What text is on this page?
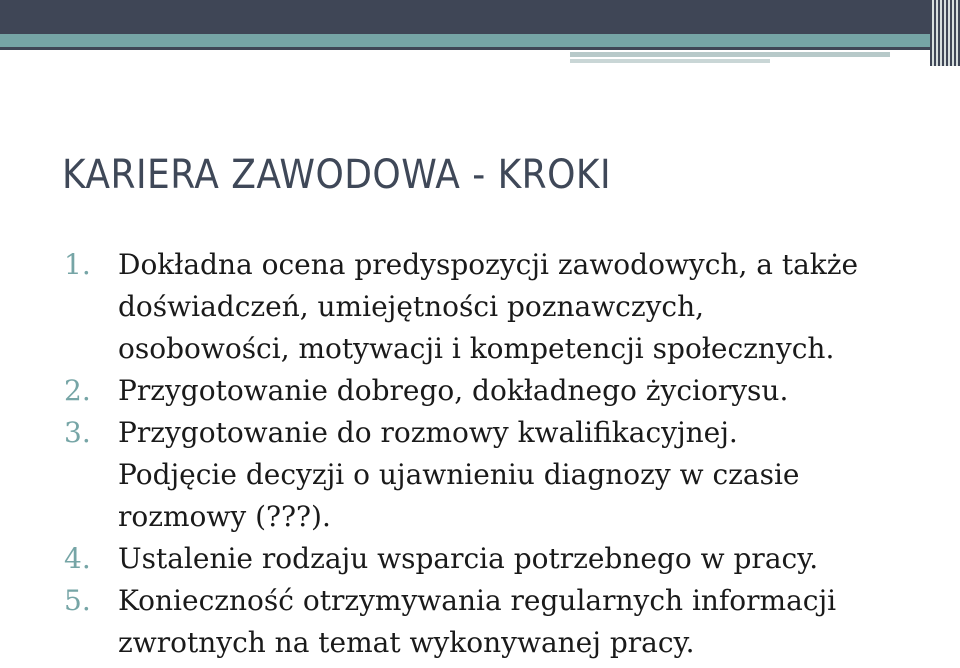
KARIERA ZAWODOWA - KROKI
1. Dokładna ocena predyspozycji zawodowych, a także
doświadczeń, umiejętności poznawczych,
osobowości, motywacji i kompetencji społecznych.
2. Przygotowanie dobrego, dokładnego życiorysu.
3. Przygotowanie do rozmowy kwalifikacyjnej.
Podjęcie decyzji o ujawnieniu diagnozy w czasie
rozmowy (???).
4. Ustalenie rodzaju wsparcia potrzebnego w pracy.
5. Konieczność otrzymywania regularnych informacji
zwrotnych na temat wykonywanej pracy.
